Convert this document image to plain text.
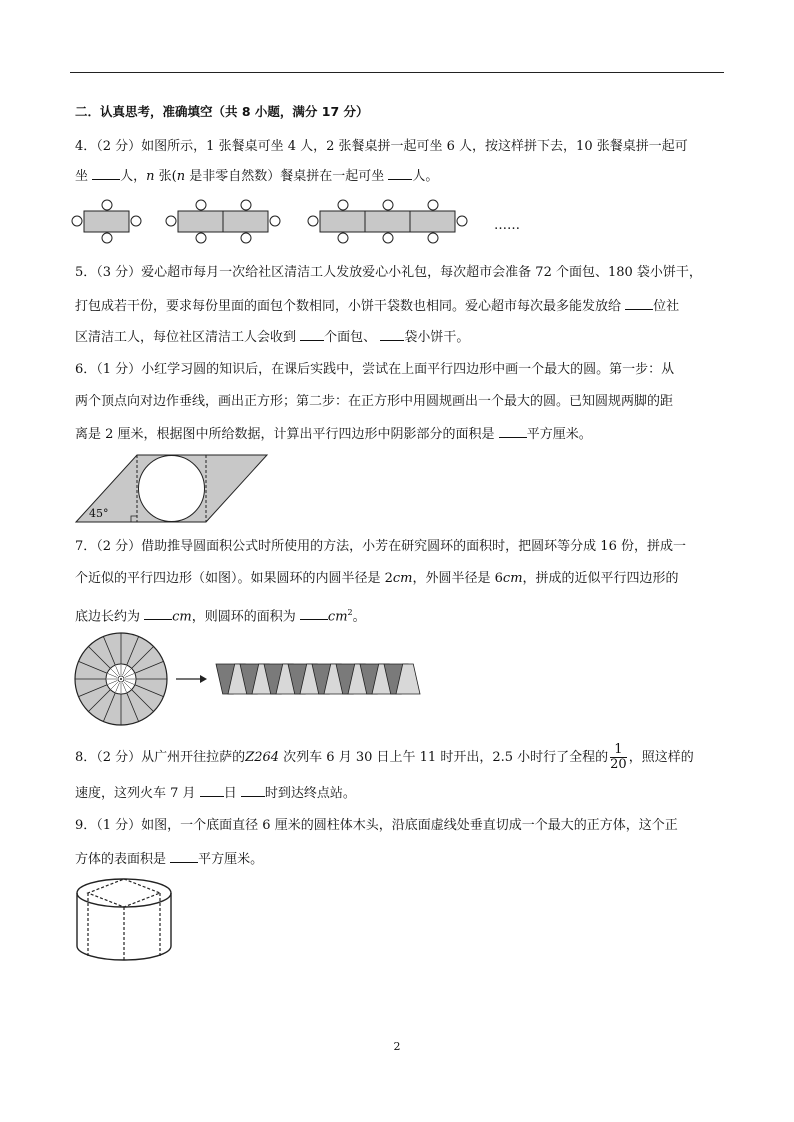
二．认真思考，准确填空（共 8 小题，满分 17 分）
4．（2 分）如图所示，1 张餐桌可坐 4 人，2 张餐桌拼一起可坐 6 人，按这样拼下去，10 张餐桌拼一起可
坐 人，n 张(n 是非零自然数）餐桌拼在一起可坐 人。
……
5．（3 分）爱心超市每月一次给社区清洁工人发放爱心小礼包，每次超市会准备 72 个面包、180 袋小饼干，
打包成若干份，要求每份里面的面包个数相同，小饼干袋数也相同。爱心超市每次最多能发放给 位社
区清洁工人，每位社区清洁工人会收到 个面包、 袋小饼干。
6．（1 分）小红学习圆的知识后，在课后实践中，尝试在上面平行四边形中画一个最大的圆。第一步：从
两个顶点向对边作垂线，画出正方形；第二步：在正方形中用圆规画出一个最大的圆。已知圆规两脚的距
离是 2 厘米，根据图中所给数据，计算出平行四边形中阴影部分的面积是 平方厘米。
45°
7．（2 分）借助推导圆面积公式时所使用的方法，小芳在研究圆环的面积时，把圆环等分成 16 份，拼成一
个近似的平行四边形（如图）。如果圆环的内圆半径是 2cm，外圆半径是 6cm，拼成的近似平行四边形的
底边长约为 cm，则圆环的面积为 $cm^2$。
8．（2 分）从广州开往拉萨的Z264 次列车 6 月 30 日上午 11 时开出，2.5 小时行了全程的 $\frac{1}{20}$ ，照这样的
速度，这列火车 7 月 日 时到达终点站。
9．（1 分）如图，一个底面直径 6 厘米的圆柱体木头，沿底面虚线处垂直切成一个最大的正方体，这个正
方体的表面积是 平方厘米。
2
